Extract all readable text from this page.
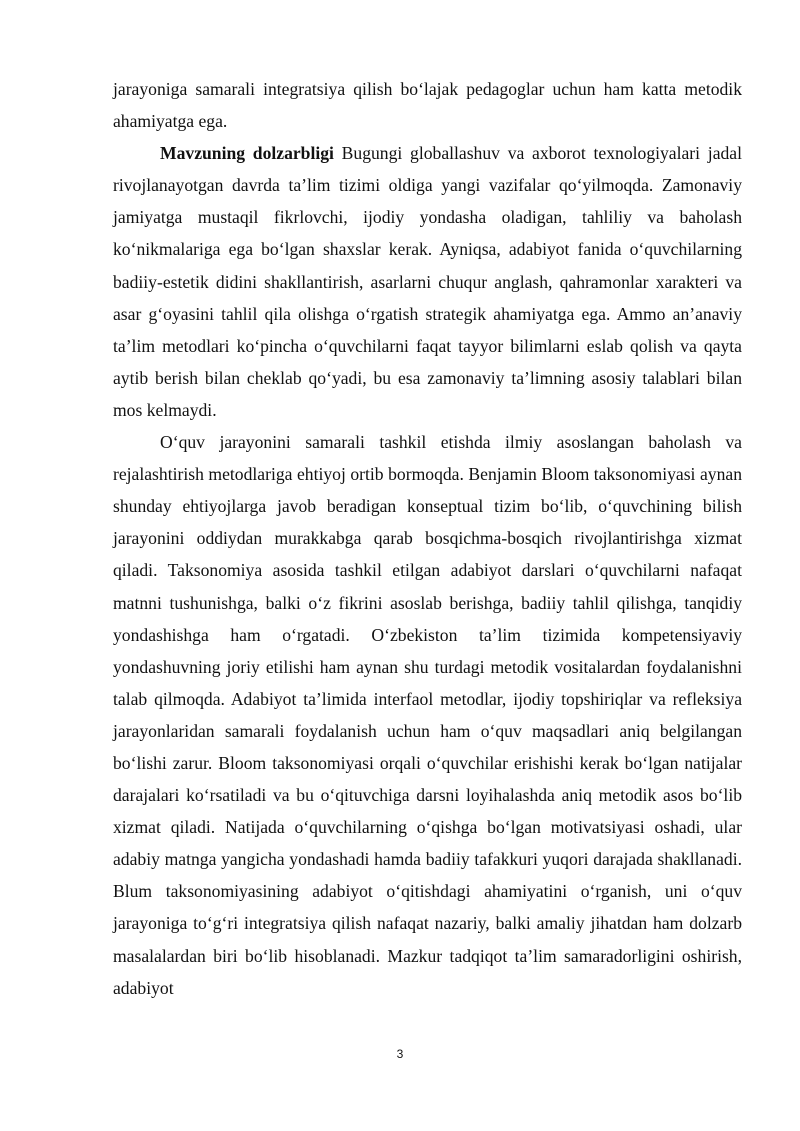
jarayoniga samarali integratsiya qilish bo‘lajak pedagoglar uchun ham katta metodik ahamiyatga ega.

Mavzuning dolzarbligi Bugungi globallashuv va axborot texnologiyalari jadal rivojlanayotgan davrda ta’lim tizimi oldiga yangi vazifalar qo‘yilmoqda. Zamonaviy jamiyatga mustaqil fikrlovchi, ijodiy yondasha oladigan, tahliliy va baholash ko‘nikmalariga ega bo‘lgan shaxslar kerak. Ayniqsa, adabiyot fanida o‘quvchilarning badiiy-estetik didini shakllantirish, asarlarni chuqur anglash, qahramonlar xarakteri va asar g‘oyasini tahlil qila olishga o‘rgatish strategik ahamiyatga ega. Ammo an’anaviy ta’lim metodlari ko‘pincha o‘quvchilarni faqat tayyor bilimlarni eslab qolish va qayta aytib berish bilan cheklab qo‘yadi, bu esa zamonaviy ta’limning asosiy talablari bilan mos kelmaydi.

O‘quv jarayonini samarali tashkil etishda ilmiy asoslangan baholash va rejalashtirish metodlariga ehtiyoj ortib bormoqda. Benjamin Bloom taksonomiyasi aynan shunday ehtiyojlarga javob beradigan konseptual tizim bo‘lib, o‘quvchining bilish jarayonini oddiydan murakkabga qarab bosqichma-bosqich rivojlantirishga xizmat qiladi. Taksonomiya asosida tashkil etilgan adabiyot darslari o‘quvchilarni nafaqat matnni tushunishga, balki o‘z fikrini asoslab berishga, badiiy tahlil qilishga, tanqidiy yondashishga ham o‘rgatadi. O‘zbekiston ta’lim tizimida kompetensiyaviy yondashuvning joriy etilishi ham aynan shu turdagi metodik vositalardan foydalanishni talab qilmoqda. Adabiyot ta’limida interfaol metodlar, ijodiy topshiriqlar va refleksiya jarayonlaridan samarali foydalanish uchun ham o‘quv maqsadlari aniq belgilangan bo‘lishi zarur. Bloom taksonomiyasi orqali o‘quvchilar erishishi kerak bo‘lgan natijalar darajalari ko‘rsatiladi va bu o‘qituvchiga darsni loyihalashda aniq metodik asos bo‘lib xizmat qiladi. Natijada o‘quvchilarning o‘qishga bo‘lgan motivatsiyasi oshadi, ular adabiy matnga yangicha yondashadi hamda badiiy tafakkuri yuqori darajada shakllanadi. Blum taksonomiyasining adabiyot o‘qitishdagi ahamiyatini o‘rganish, uni o‘quv jarayoniga to‘g‘ri integratsiya qilish nafaqat nazariy, balki amaliy jihatdan ham dolzarb masalalardan biri bo‘lib hisoblanadi. Mazkur tadqiqot ta’lim samaradorligini oshirish, adabiyot

3
